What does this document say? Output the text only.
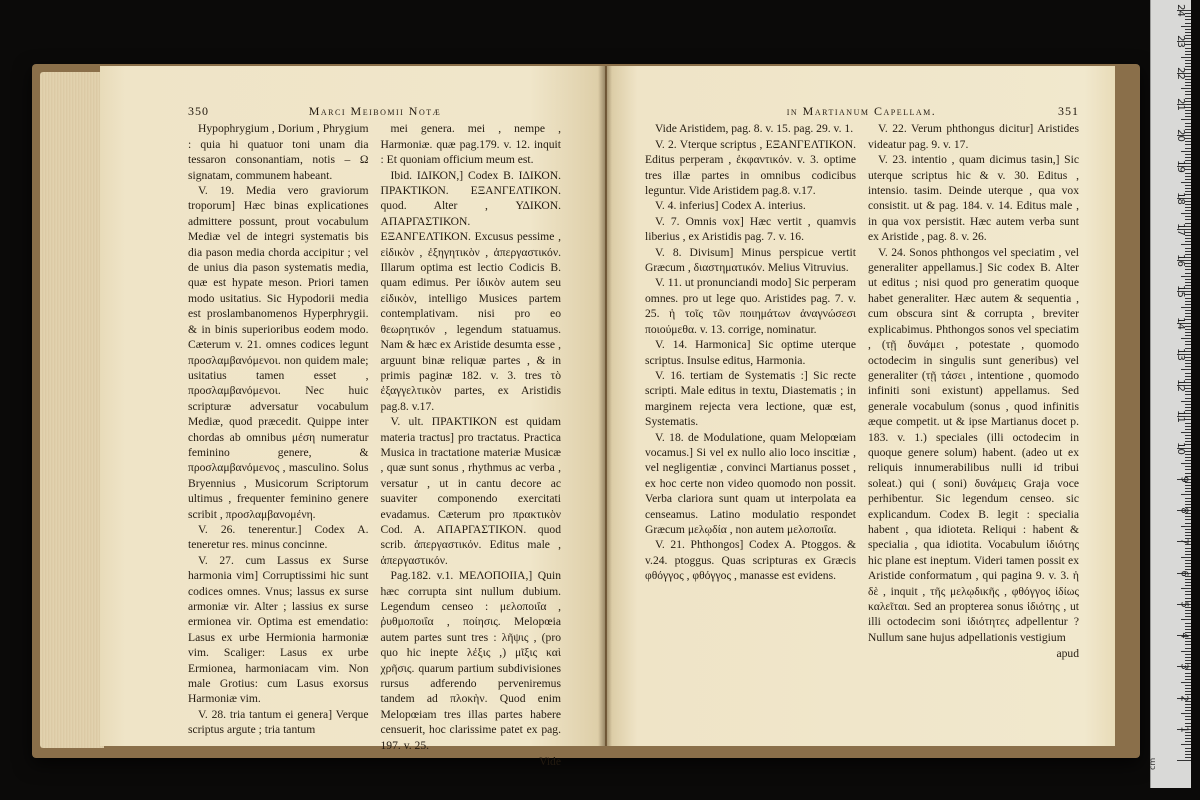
350	Marci Meibomii Notæ

Hypophrygium , Dorium , Phrygium : quia hi quatuor toni unam dia tessaron consonantiam, notis – Ω signatam, communem habeant.

V. 19. Media vero graviorum troporum] Hæc binas explicationes admittere possunt, prout vocabulum Mediæ vel de integri systematis bis dia pason media chorda accipitur ; vel de unius dia pason systematis media, quæ est hypate meson. Priori tamen modo usitatius. Sic Hypodorii media est proslambanomenos Hyperphrygii. & in binis superioribus eodem modo. Cæterum v. 21. omnes codices legunt προσλαμβανόμενοι. non quidem male; usitatius tamen esset , προσλαμβανόμενοι. Nec huic scripturæ adversatur vocabulum Mediæ, quod præcedit. Quippe inter chordas ab omnibus μέση numeratur feminino genere, & προσλαμβανόμενος , masculino. Solus Bryennius , Musicorum Scriptorum ultimus , frequenter feminino genere scribit , προσλαμβανομένη.

V. 26. tenerentur.] Codex A. teneretur res. minus concinne.

V. 27. cum Lassus ex Surse harmonia vim] Corruptissimi hic sunt codices omnes. Vnus; lassus ex surse armoniæ vir. Alter ; lassius ex surse ermionea vir. Optima est emendatio: Lasus ex urbe Hermionia harmoniæ vim. Scaliger: Lasus ex urbe Ermionea, harmoniacam vim. Non male Grotius: cum Lasus exorsus Harmoniæ vim.

V. 28. tria tantum ei genera] Verque scriptus argute ; tria tantum

mei genera. mei , nempe , Harmoniæ. quæ pag.179. v. 12. inquit : Et quoniam officium meum est.

Ibid. ΙΔΙΚΟΝ,] Codex B. ΙΔΙΚΟΝ. ΠΡΑΚΤΙΚΟΝ. ΕΞΑΝΓΕΛΤΙΚΟΝ. quod. Alter , ΥΔΙΚΟΝ. ΑΠΑΡΓΑΣΤΙΚΟΝ. ΕΞΑΝΓΕΛΤΙΚΟΝ. Excusus pessime , εἰδικὸν , ἐξηγητικὸν , ἀπεργαστικόν. Illarum optima est lectio Codicis B. quam edimus. Per ἰδικὸν autem seu εἰδικὸν, intelligo Musices partem contemplativam. nisi pro eo θεωρητικόν , legendum statuamus. Nam & hæc ex Aristide desumta esse , arguunt binæ reliquæ partes , & in primis paginæ 182. v. 3. tres τὸ ἐξαγγελτικὸν partes, ex Aristidis pag.8. v.17.

V. ult. ΠΡΑΚΤΙΚΟΝ est quidam materia tractus] pro tractatus. Practica Musica in tractatione materiæ Musicæ , quæ sunt sonus , rhythmus ac verba , versatur , ut in cantu decore ac suaviter componendo exercitati evadamus. Cæterum pro πρακτικὸν Cod. A. ΑΠΑΡΓΑΣΤΙΚΟΝ. quod scrib. ἀπεργαστικόν. Editus male , ἀπεργαστικόν.

Pag.182. v.1. ΜΕΛΟΠΟΙΙΑ,] Quin hæc corrupta sint nullum dubium. Legendum censeo : μελοποιΐα , ῥυθμοποιΐα , ποίησις. Melopœia autem partes sunt tres : λῆψις , (pro quo hic inepte λέξις ,) μῖξις καὶ χρῆσις. quarum partium subdivisiones rursus adferendo perveniremus tandem ad πλοκὴν. Quod enim Melopœiam tres illas partes habere censuerit, hoc clarissime patet ex pag. 197. v. 25.

Vide
in Martianum Capellam.	351

Vide Aristidem, pag. 8. v. 15. pag. 29. v. 1.

V. 2. Vterque scriptus , ΕΞΑΝΓΕΛΤΙΚΟΝ. Editus perperam , ἐκφαντικόν. v. 3. optime tres illæ partes in omnibus codicibus leguntur. Vide Aristidem pag.8. v.17.

V. 4. inferius] Codex A. interius.

V. 7. Omnis vox] Hæc vertit , quamvis liberius , ex Aristidis pag. 7. v. 16.

V. 8. Divisum] Minus perspicue vertit Græcum , διαστηματικόν. Melius Vitruvius.

V. 11. ut pronunciandi modo] Sic perperam omnes. pro ut lege quo. Aristides pag. 7. v. 25. ἡ τοῖς τῶν ποιημάτων ἀναγνώσεσι ποιούμεθα. v. 13. corrige, nominatur.

V. 14. Harmonica] Sic optime uterque scriptus. Insulse editus, Harmonia.

V. 16. tertiam de Systematis :] Sic recte scripti. Male editus in textu, Diastematis ; in marginem rejecta vera lectione, quæ est, Systematis.

V. 18. de Modulatione, quam Melopœiam vocamus.] Si vel ex nullo alio loco inscitiæ , vel negligentiæ , convinci Martianus posset , ex hoc certe non video quomodo non possit. Verba clariora sunt quam ut interpolata ea censeamus. Latino modulatio respondet Græcum μελῳδία , non autem μελοποιΐα.

V. 21. Phthongos] Codex A. Ptoggos. & v.24. ptoggus. Quas scripturas ex Græcis φθόγγος , φθόγγος , manasse est evidens.

V. 22. Verum phthongus dicitur] Aristides videatur pag. 9. v. 17.

V. 23. intentio , quam dicimus tasin,] Sic uterque scriptus hic & v. 30. Editus , intensio. tasim. Deinde uterque , qua vox consistit. ut & pag. 184. v. 14. Editus male , in qua vox persistit. Hæc autem verba sunt ex Aristide , pag. 8. v. 26.

V. 24. Sonos phthongos vel speciatim , vel generaliter appellamus.] Sic codex B. Alter ut editus ; nisi quod pro generatim quoque habet generaliter. Hæc autem & sequentia , cum obscura sint & corrupta , breviter explicabimus. Phthongos sonos vel speciatim , (τῇ δυνάμει , potestate , quomodo octodecim in singulis sunt generibus) vel generaliter (τῇ τάσει , intentione , quomodo infiniti soni existunt) appellamus. Sed generale vocabulum (sonus , quod infinitis æque competit. ut & ipse Martianus docet p. 183. v. 1.) speciales (illi octodecim in quoque genere solum) habent. (adeo ut ex reliquis innumerabilibus nulli id tribui soleat.) qui ( soni) δυνάμεις Graja voce perhibentur. Sic legendum censeo. sic explicandum. Codex B. legit : specialia habent , qua idioteta. Reliqui : habent & specialia , qua idiotita. Vocabulum ἰδιότης hic plane est ineptum. Videri tamen possit ex Aristide conformatum , qui pagina 9. v. 3. ἡ δὲ , inquit , τῆς μελῳδικῆς , φθόγγος ἰδίως καλεῖται. Sed an propterea sonus ἰδιότης , ut illi octodecim soni ἰδιότητες adpellentur ? Nullum sane hujus adpellationis vestigium

apud
cm
1
2
3
4
5
6
7
8
9
10
11
12
13
14
15
16
17
18
19
20
21
22
23
24
